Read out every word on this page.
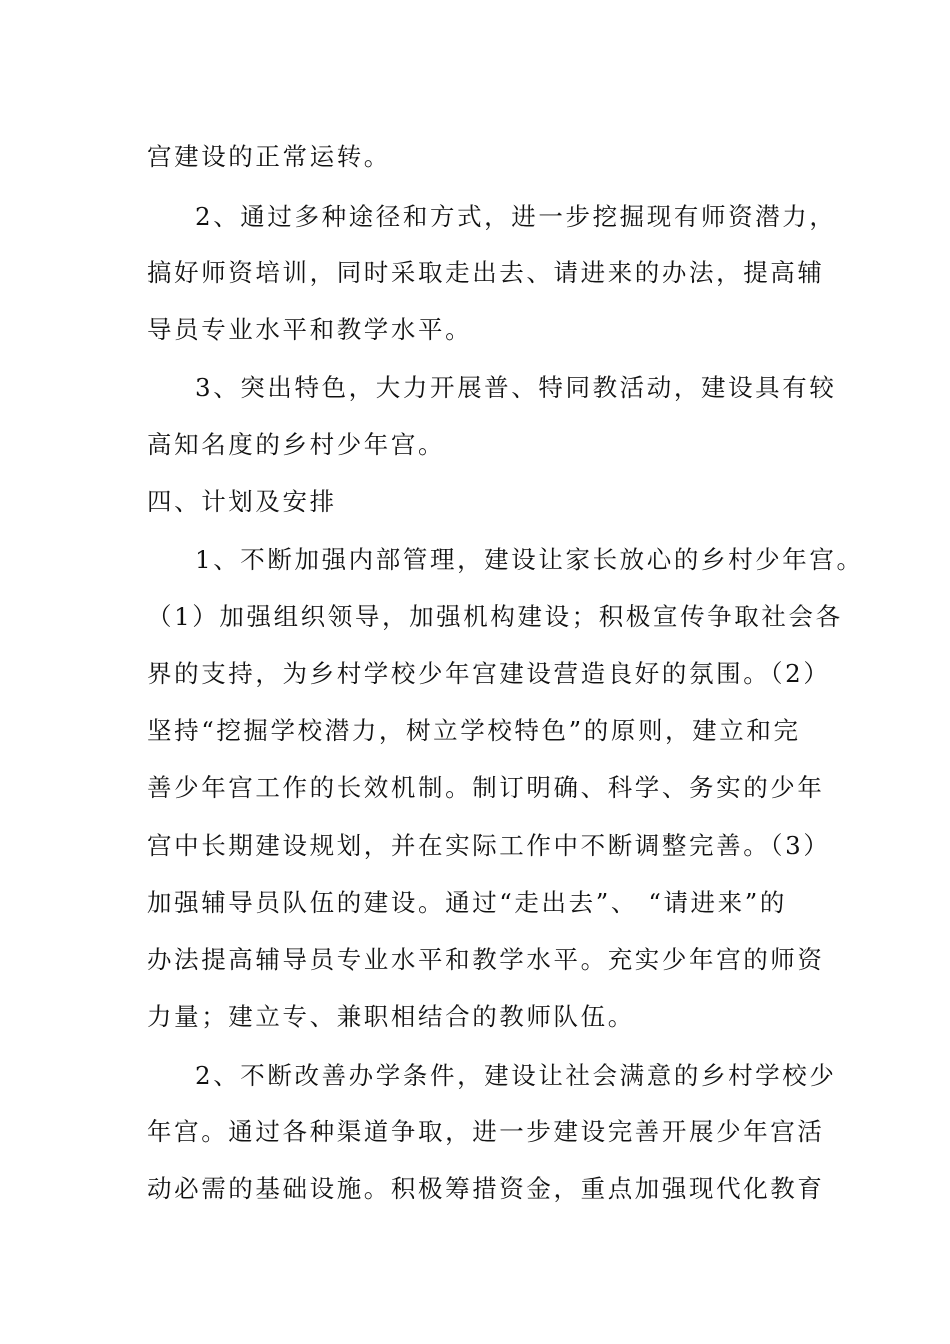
宫建设的正常运转。
2、通过多种途径和方式，进一步挖掘现有师资潜力，
搞好师资培训，同时采取走出去、请进来的办法，提高辅
导员专业水平和教学水平。
3、突出特色，大力开展普、特同教活动，建设具有较
高知名度的乡村少年宫。
四、计划及安排
1、不断加强内部管理，建设让家长放心的乡村少年宫。
（1）加强组织领导，加强机构建设；积极宣传争取社会各
界的支持，为乡村学校少年宫建设营造良好的氛围。（2）
坚持“挖掘学校潜力，树立学校特色”的原则，建立和完
善少年宫工作的长效机制。制订明确、科学、务实的少年
宫中长期建设规划，并在实际工作中不断调整完善。（3）
加强辅导员队伍的建设。通过“走出去”、 “请进来”的
办法提高辅导员专业水平和教学水平。充实少年宫的师资
力量；建立专、兼职相结合的教师队伍。
2、不断改善办学条件，建设让社会满意的乡村学校少
年宫。通过各种渠道争取，进一步建设完善开展少年宫活
动必需的基础设施。积极筹措资金，重点加强现代化教育
